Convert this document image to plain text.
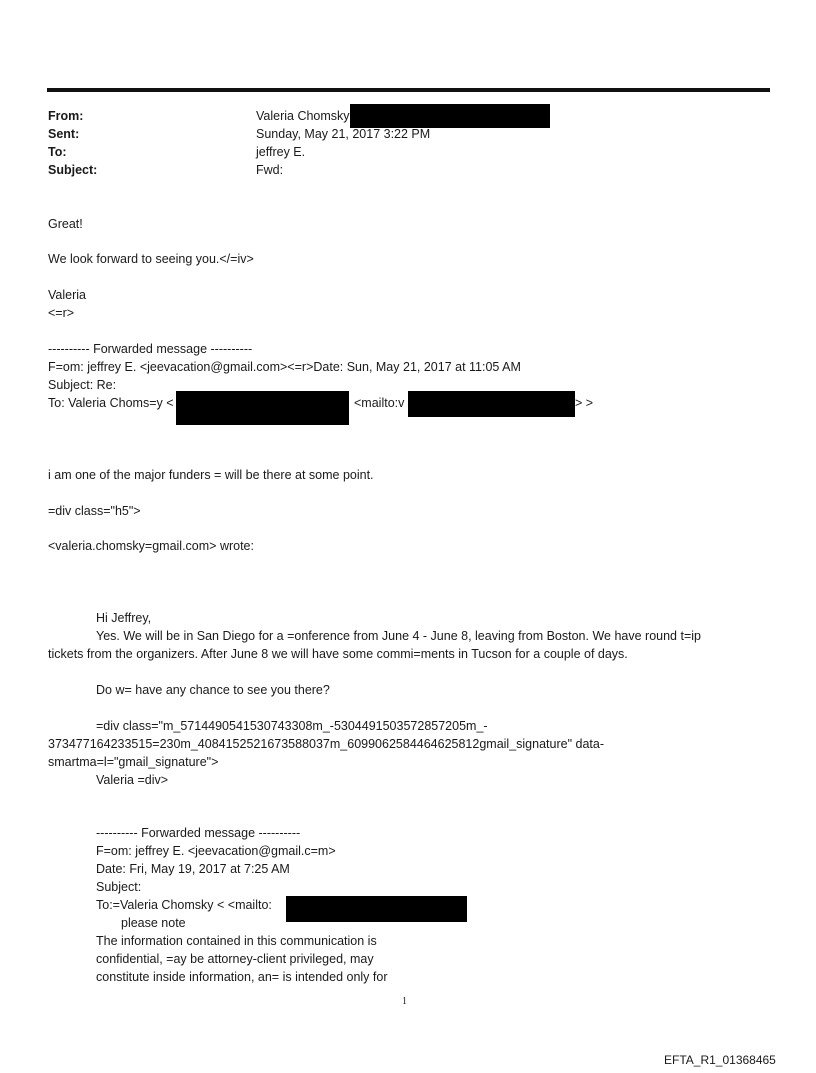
From:	Valeria Chomsky
Sent:	Sunday, May 21, 2017 3:22 PM
To:	jeffrey E.
Subject:	Fwd:
Great!
We look forward to seeing you.</=iv>
Valeria
<=r>
---------- Forwarded message ----------
F=om: jeffrey E. <jeevacation@gmail.com><=r>Date: Sun, May 21, 2017 at 11:05 AM
Subject: Re:
To: Valeria Choms=y <	<mailto:v	> >
i am one of the major funders = will be there at some point.
=div class="h5">
<valeria.chomsky=gmail.com> wrote:
Hi Jeffrey,
Yes. We will be in San Diego for a =onference from June 4 - June 8, leaving from Boston. We have round t=ip
tickets from the organizers. After June 8 we will have some commi=ments in Tucson for a couple of days.
Do w= have any chance to see you there?
=div class="m_5714490541530743308m_-5304491503572857205m_-
373477164233515=230m_4084152521673588037m_6099062584464625812gmail_signature" data-
smartma=l="gmail_signature">
Valeria =div>
---------- Forwarded message ----------
F=om: jeffrey E. <jeevacation@gmail.c=m>
Date: Fri, May 19, 2017 at 7:25 AM
Subject:
To:=Valeria Chomsky < <mailto:
please note
The information contained in this communication is
confidential, =ay be attorney-client privileged, may
constitute inside information, an= is intended only for
1
EFTA_R1_01368465
